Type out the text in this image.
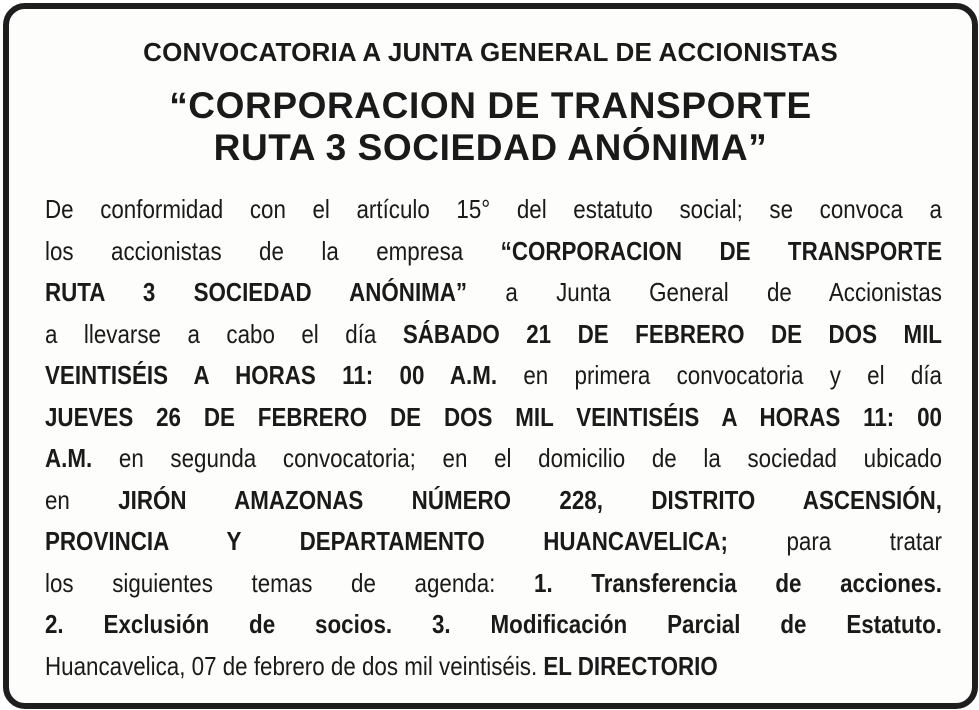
CONVOCATORIA A JUNTA GENERAL DE ACCIONISTAS
“CORPORACION DE TRANSPORTE
RUTA 3 SOCIEDAD ANÓNIMA”
De conformidad con el artículo 15° del estatuto social; se convoca a
los accionistas de la empresa “CORPORACION DE TRANSPORTE
RUTA 3 SOCIEDAD ANÓNIMA” a Junta General de Accionistas
a llevarse a cabo el día SÁBADO 21 DE FEBRERO DE DOS MIL
VEINTISÉIS A HORAS 11: 00 A.M. en primera convocatoria y el día
JUEVES 26 DE FEBRERO DE DOS MIL VEINTISÉIS A HORAS 11: 00
A.M. en segunda convocatoria; en el domicilio de la sociedad ubicado
en JIRÓN AMAZONAS NÚMERO 228, DISTRITO ASCENSIÓN,
PROVINCIA Y DEPARTAMENTO HUANCAVELICA; para tratar
los siguientes temas de agenda: 1. Transferencia de acciones.
2. Exclusión de socios. 3. Modificación Parcial de Estatuto.
Huancavelica, 07 de febrero de dos mil veintiséis. EL DIRECTORIO
